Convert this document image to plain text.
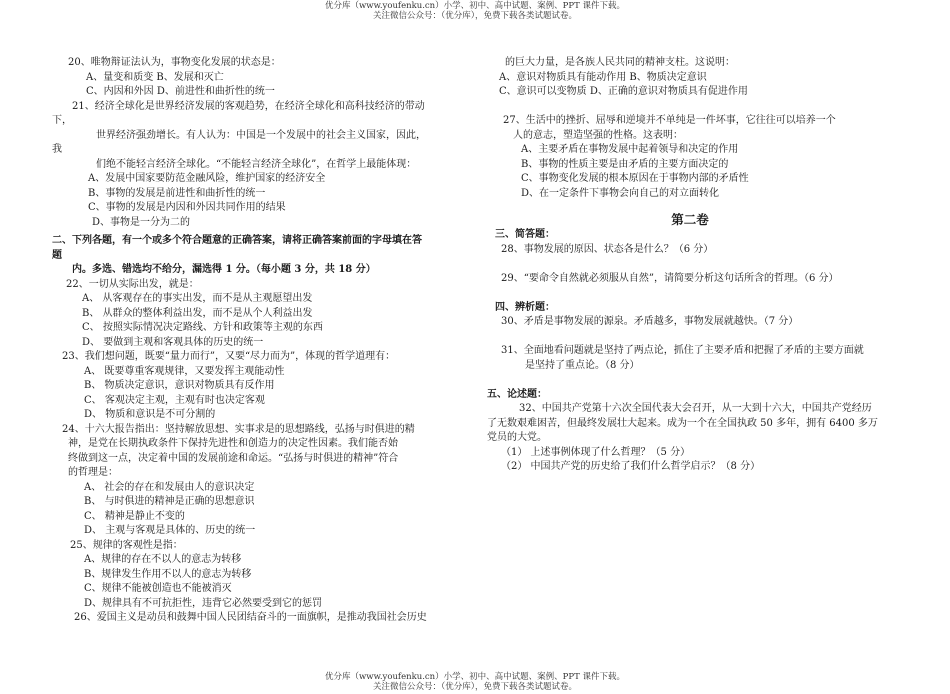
优分库（www.youfenku.cn）小学、初中、高中试题、案例、PPT 课件下载。
关注微信公众号：（优分库），免费下载各类试题试卷。
20、唯物辩证法认为，事物变化发展的状态是：
A、量变和质变 B、发展和灭亡
C、内因和外因 D、前进性和曲折性的统一
21、经济全球化是世界经济发展的客观趋势，在经济全球化和高科技经济的带动
下，
世界经济强劲增长。有人认为：中国是一个发展中的社会主义国家，因此，
我
们绝不能轻言经济全球化。“不能轻言经济全球化”，在哲学上最能体现：
A、发展中国家要防范金融风险，维护国家的经济安全
B、事物的发展是前进性和曲折性的统一
C、事物的发展是内因和外因共同作用的结果
D、事物是一分为二的
二、下列各题，有一个或多个符合题意的正确答案，请将正确答案前面的字母填在答
题
内。多选、错选均不给分，漏选得 1 分。（每小题 3 分，共 18 分）
22、一切从实际出发，就是：
A、 从客观存在的事实出发，而不是从主观愿望出发
B、 从群众的整体利益出发，而不是从个人利益出发
C、 按照实际情况决定路线、方针和政策等主观的东西
D、 要做到主观和客观具体的历史的统一
23、我们想问题，既要“量力而行”，又要“尽力而为”，体现的哲学道理有：
A、 既要尊重客观规律，又要发挥主观能动性
B、 物质决定意识，意识对物质具有反作用
C、 客观决定主观，主观有时也决定客观
D、 物质和意识是不可分割的
24、十六大报告指出：坚持解放思想、实事求是的思想路线，弘扬与时俱进的精
神，是党在长期执政条件下保持先进性和创造力的决定性因素。我们能否始
终做到这一点，决定着中国的发展前途和命运。“弘扬与时俱进的精神”符合
的哲理是：
A、 社会的存在和发展由人的意识决定
B、 与时俱进的精神是正确的思想意识
C、 精神是静止不变的
D、 主观与客观是具体的、历史的统一
25、规律的客观性是指：
A、规律的存在不以人的意志为转移
B、规律发生作用不以人的意志为转移
C、规律不能被创造也不能被消灭
D、规律具有不可抗拒性，违背它必然要受到它的惩罚
26、爱国主义是动员和鼓舞中国人民团结奋斗的一面旗帜，是推动我国社会历史
的巨大力量，是各族人民共同的精神支柱。这说明：
A、意识对物质具有能动作用 B、物质决定意识
C、意识可以变物质 D、正确的意识对物质具有促进作用
27、生活中的挫折、屈辱和逆境并不单纯是一件坏事，它往往可以培养一个
人的意志，塑造坚强的性格。这表明：
A、主要矛盾在事物发展中起着领导和决定的作用
B、事物的性质主要是由矛盾的主要方面决定的
C、事物变化发展的根本原因在于事物内部的矛盾性
D、在一定条件下事物会向自己的对立面转化
第二卷
三、简答题：
28、事物发展的原因、状态各是什么？（6 分）
29、“要命令自然就必须服从自然”，请简要分析这句话所含的哲理。（6 分）
四、辨析题：
30、矛盾是事物发展的源泉。矛盾越多，事物发展就越快。（7 分）
31、全面地看问题就是坚持了两点论，抓住了主要矛盾和把握了矛盾的主要方面就
是坚持了重点论。（8 分）
五、论述题：
32、中国共产党第十六次全国代表大会召开，从一大到十六大，中国共产党经历
了无数艰难困苦，但最终发展壮大起来。成为一个在全国执政 50 多年，拥有 6400 多万
党员的大党。
（1） 上述事例体现了什么哲理？（5 分）
（2） 中国共产党的历史给了我们什么哲学启示？（8 分）
优分库（www.youfenku.cn）小学、初中、高中试题、案例、PPT 课件下载。
关注微信公众号：（优分库），免费下载各类试题试卷。
